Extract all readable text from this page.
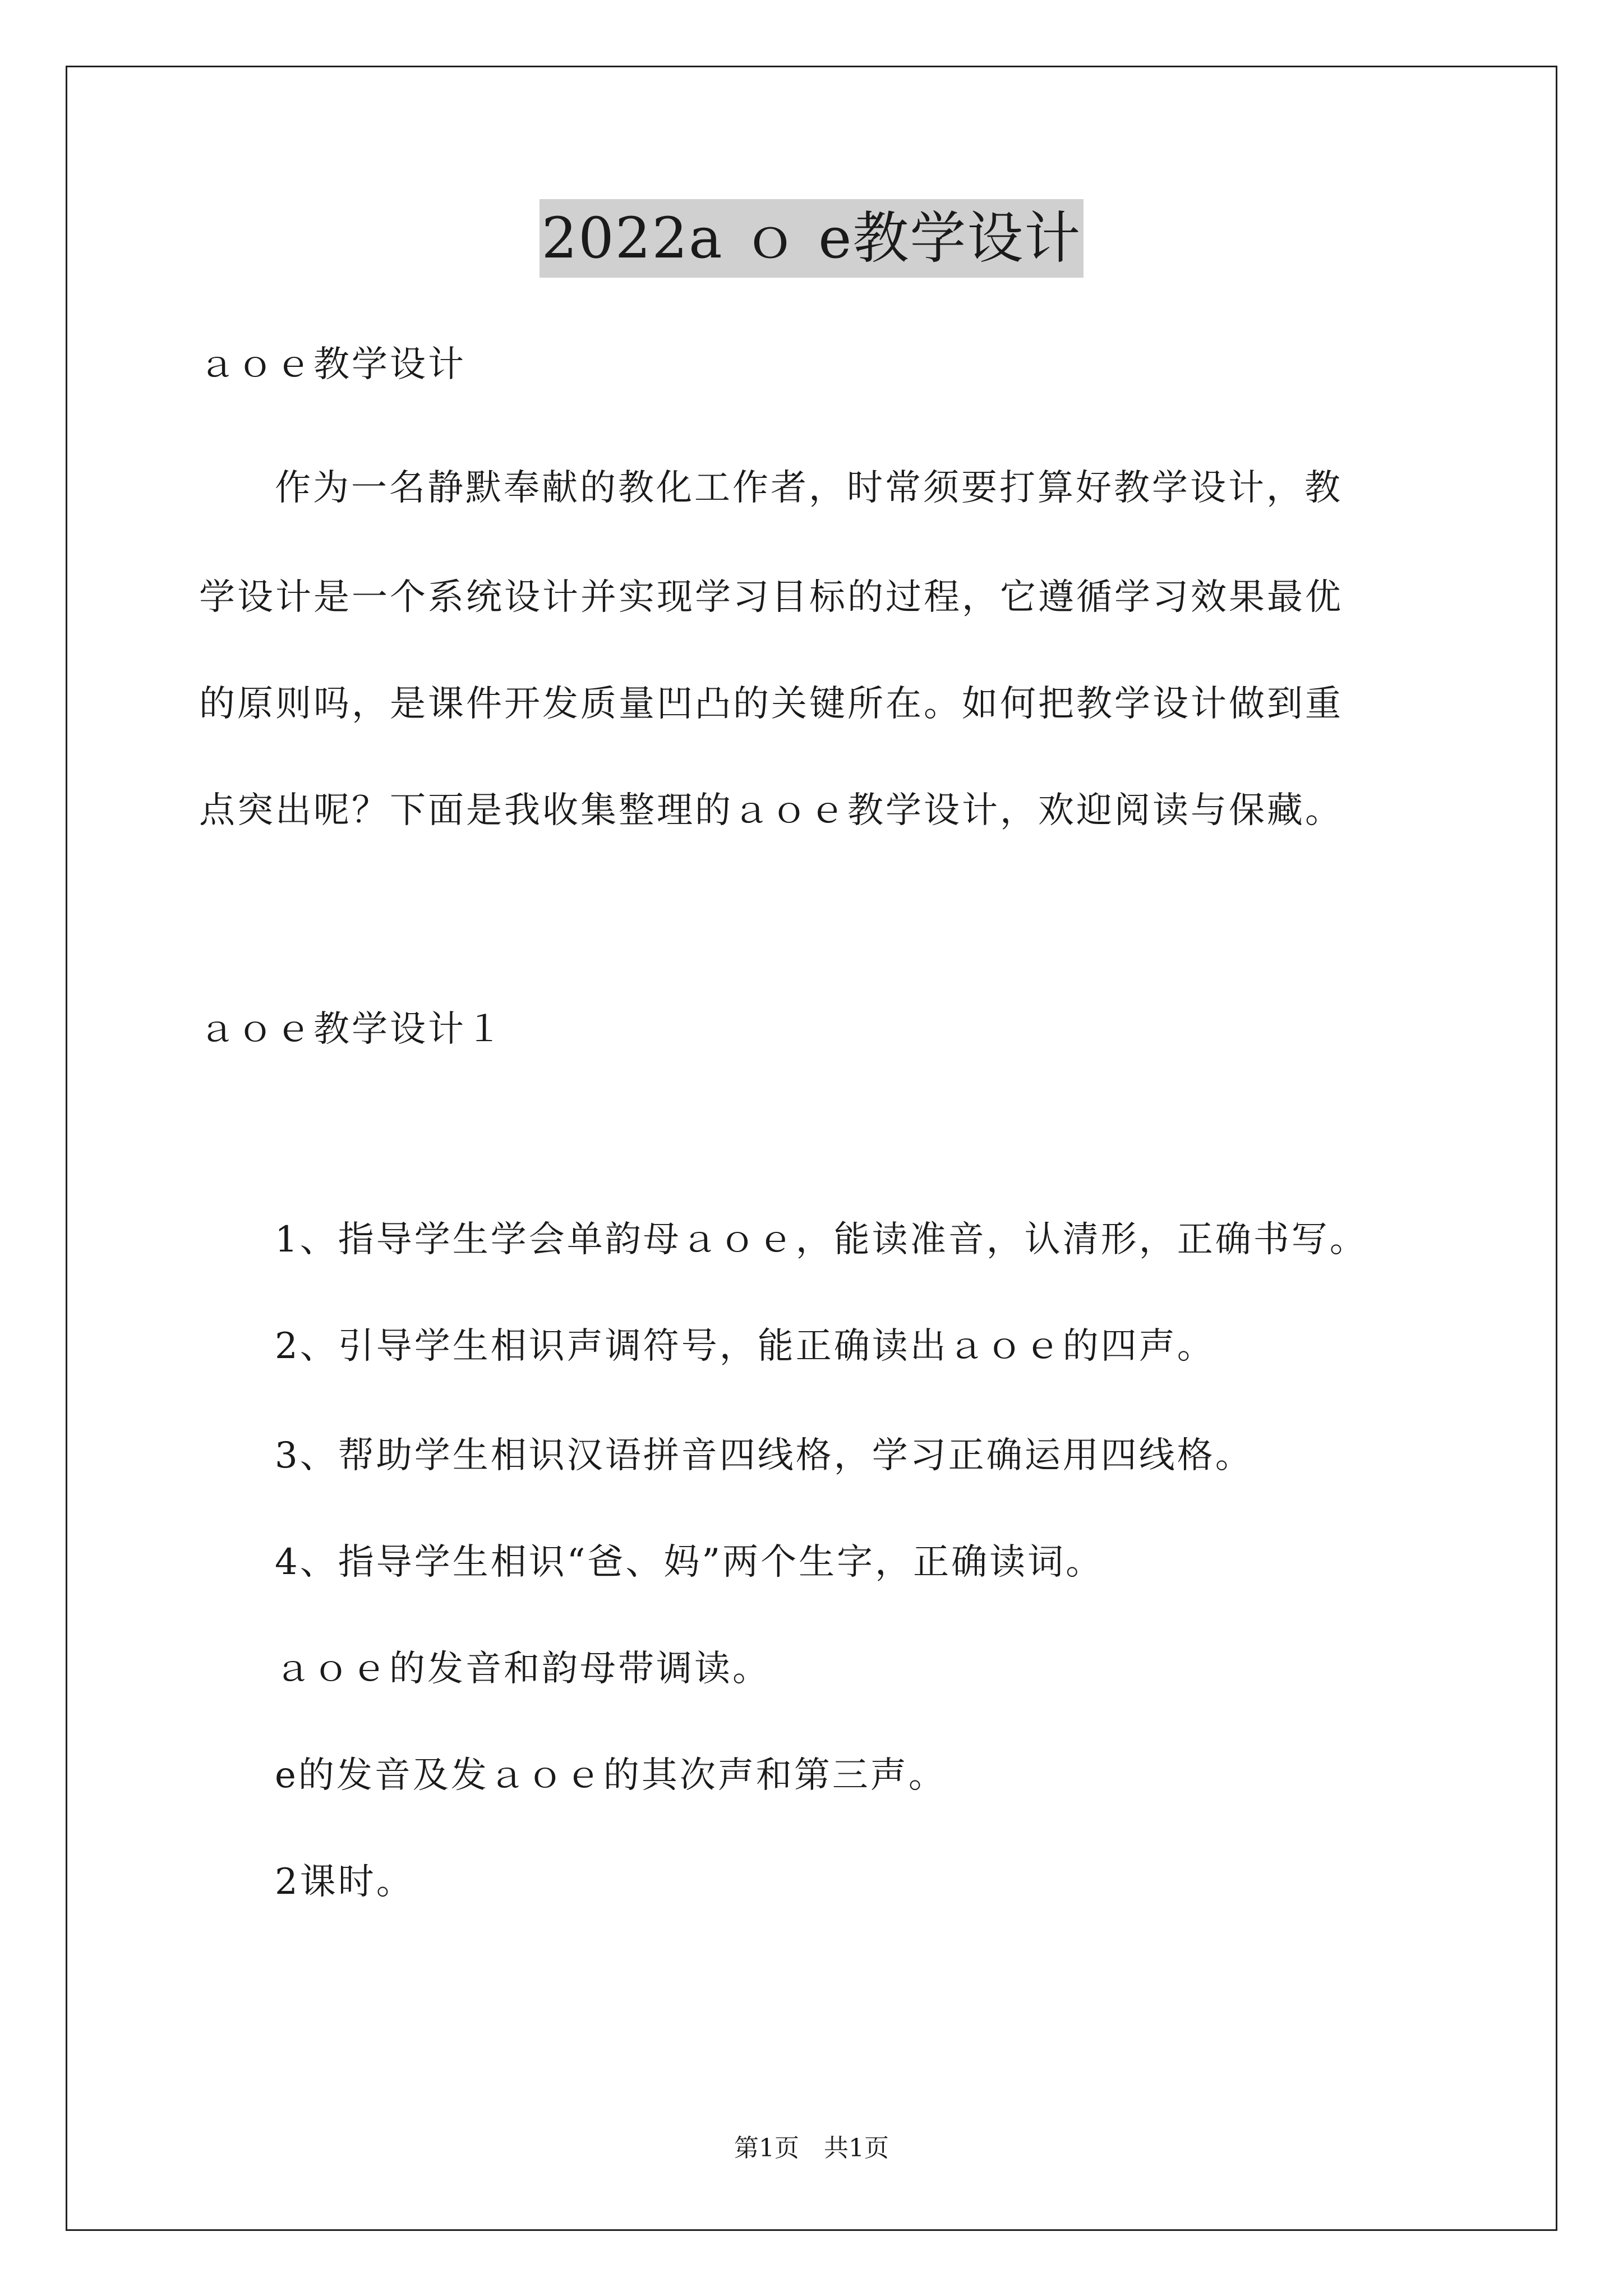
2022a ｏ e教学设计

ａｏｅ教学设计

作为一名静默奉献的教化工作者，时常须要打算好教学设计，教

学设计是一个系统设计并实现学习目标的过程，它遵循学习效果最优

的原则吗，是课件开发质量凹凸的关键所在。如何把教学设计做到重

点突出呢？下面是我收集整理的ａｏｅ教学设计，欢迎阅读与保藏。

ａｏｅ教学设计１

1、指导学生学会单韵母ａｏｅ，能读准音，认清形，正确书写。

2、引导学生相识声调符号，能正确读出ａｏｅ的四声。

3、帮助学生相识汉语拼音四线格，学习正确运用四线格。

4、指导学生相识“爸、妈”两个生字，正确读词。

ａｏｅ的发音和韵母带调读。

e的发音及发ａｏｅ的其次声和第三声。

2课时。

第1页　共1页
